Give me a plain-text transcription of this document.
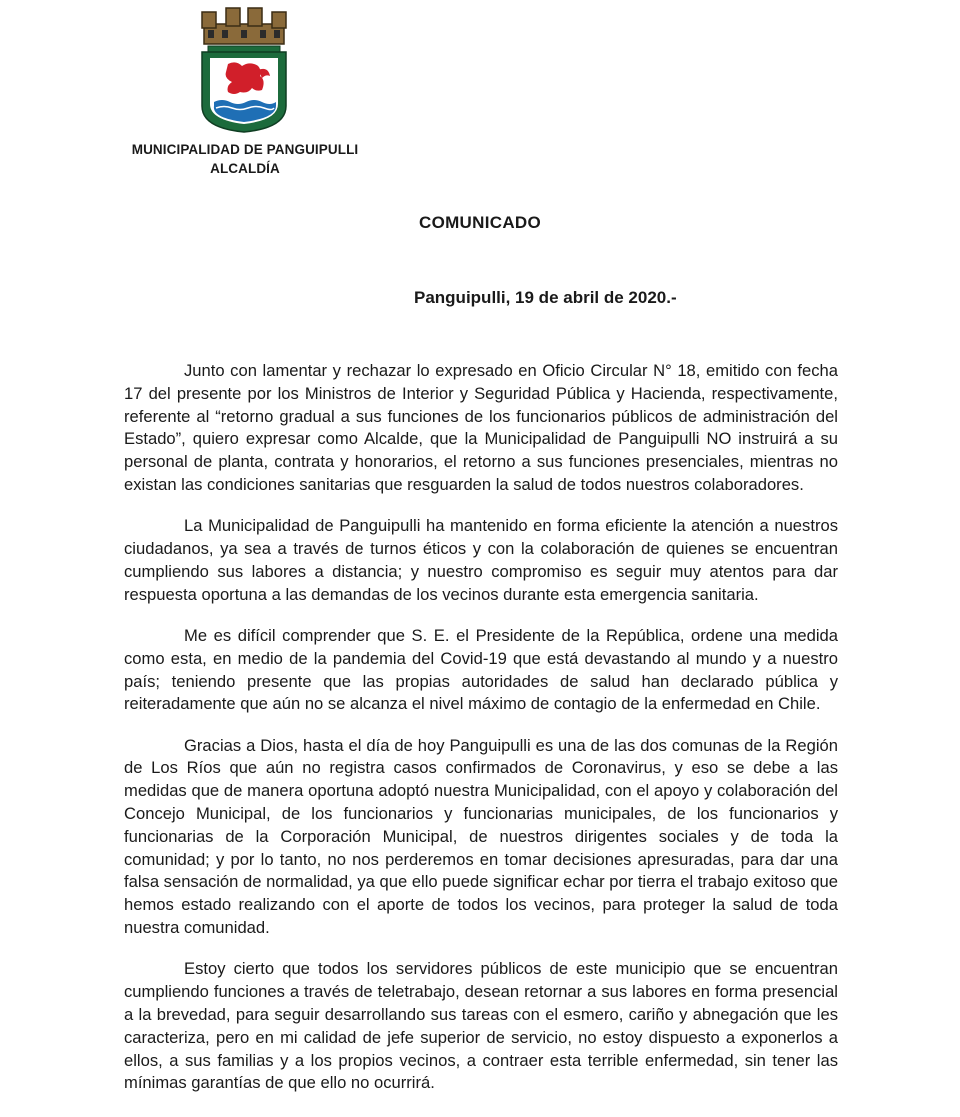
MUNICIPALIDAD DE PANGUIPULLI
ALCALDÍA
COMUNICADO
Panguipulli, 19 de abril de 2020.-

Junto con lamentar y rechazar lo expresado en Oficio Circular N° 18, emitido con fecha 17 del presente por los Ministros de Interior y Seguridad Pública y Hacienda, respectivamente, referente al “retorno gradual a sus funciones de los funcionarios públicos de administración del Estado”, quiero expresar como Alcalde, que la Municipalidad de Panguipulli NO instruirá a su personal de planta, contrata y honorarios, el retorno a sus funciones presenciales, mientras no existan las condiciones sanitarias que resguarden la salud de todos nuestros colaboradores.

La Municipalidad de Panguipulli ha mantenido en forma eficiente la atención a nuestros ciudadanos, ya sea a través de turnos éticos y con la colaboración de quienes se encuentran cumpliendo sus labores a distancia; y nuestro compromiso es seguir muy atentos para dar respuesta oportuna a las demandas de los vecinos durante esta emergencia sanitaria.

Me es difícil comprender que S. E. el Presidente de la República, ordene una medida como esta, en medio de la pandemia del Covid-19 que está devastando al mundo y a nuestro país; teniendo presente que las propias autoridades de salud han declarado pública y reiteradamente que aún no se alcanza el nivel máximo de contagio de la enfermedad en Chile.

Gracias a Dios, hasta el día de hoy Panguipulli es una de las dos comunas de la Región de Los Ríos que aún no registra casos confirmados de Coronavirus, y eso se debe a las medidas que de manera oportuna adoptó nuestra Municipalidad, con el apoyo y colaboración del Concejo Municipal, de los funcionarios y funcionarias municipales, de los funcionarios y funcionarias de la Corporación Municipal, de nuestros dirigentes sociales y de toda la comunidad; y por lo tanto, no nos perderemos en tomar decisiones apresuradas, para dar una falsa sensación de normalidad, ya que ello puede significar echar por tierra el trabajo exitoso que hemos estado realizando con el aporte de todos los vecinos, para proteger la salud de toda nuestra comunidad.

Estoy cierto que todos los servidores públicos de este municipio que se encuentran cumpliendo funciones a través de teletrabajo, desean retornar a sus labores en forma presencial a la brevedad, para seguir desarrollando sus tareas con el esmero, cariño y abnegación que les caracteriza, pero en mi calidad de jefe superior de servicio, no estoy dispuesto a exponerlos a ellos, a sus familias y a los propios vecinos, a contraer esta terrible enfermedad, sin tener las mínimas garantías de que ello no ocurrirá.
